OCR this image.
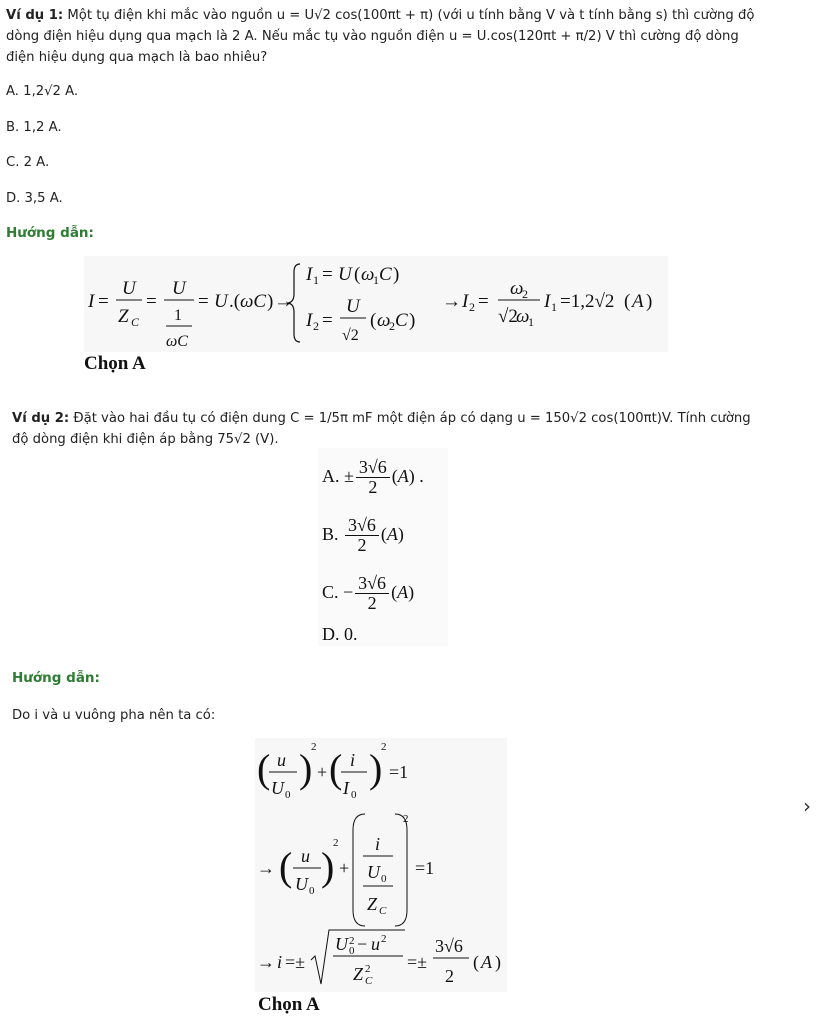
Ví dụ 1: Một tụ điện khi mắc vào nguồn u = U√2 cos(100πt + π) (với u tính bằng V và t tính bằng s) thì cường độ
dòng điện hiệu dụng qua mạch là 2 A. Nếu mắc tụ vào nguồn điện u = U.cos(120πt + π/2) V thì cường độ dòng
điện hiệu dụng qua mạch là bao nhiêu?
A. 1,2√2 A.
B. 1,2 A.
C. 2 A.
D. 3,5 A.
Hướng dẫn:
I =
U
Z C
=
U
1
ωC
= U .( ωC ) →
I 1 = U ( ω
1 C )
I 2 =
U
√2
( ω
2 C )
→ I 2 =
ω
2
√2
ω
1
I 1 =1,2√2 ( A )
Chọn A
Ví dụ 2: Đặt vào hai đầu tụ có điện dung C = 1/5π mF một điện áp có dạng u = 150√2 cos(100πt)V. Tính cường
độ dòng điện khi điện áp bằng 75√2 (V).
A. ± $\frac{3√6}{2} (A)$ .
B. $\frac{3√6}{2} (A)$
C. − $\frac{3√6}{2} (A)$
D. 0.
Hướng dẫn:
Do i và u vuông pha nên ta có:
( u
U 0
)
2
+ ( i
I 0
)
2
=1
→ ( u
U 0
)
2
+
i
U 0
Z C
2
=1
→ i =±
U 2
0 − u 2
Z 2
C
=±
3√6
2
( A )
Chọn A
›
